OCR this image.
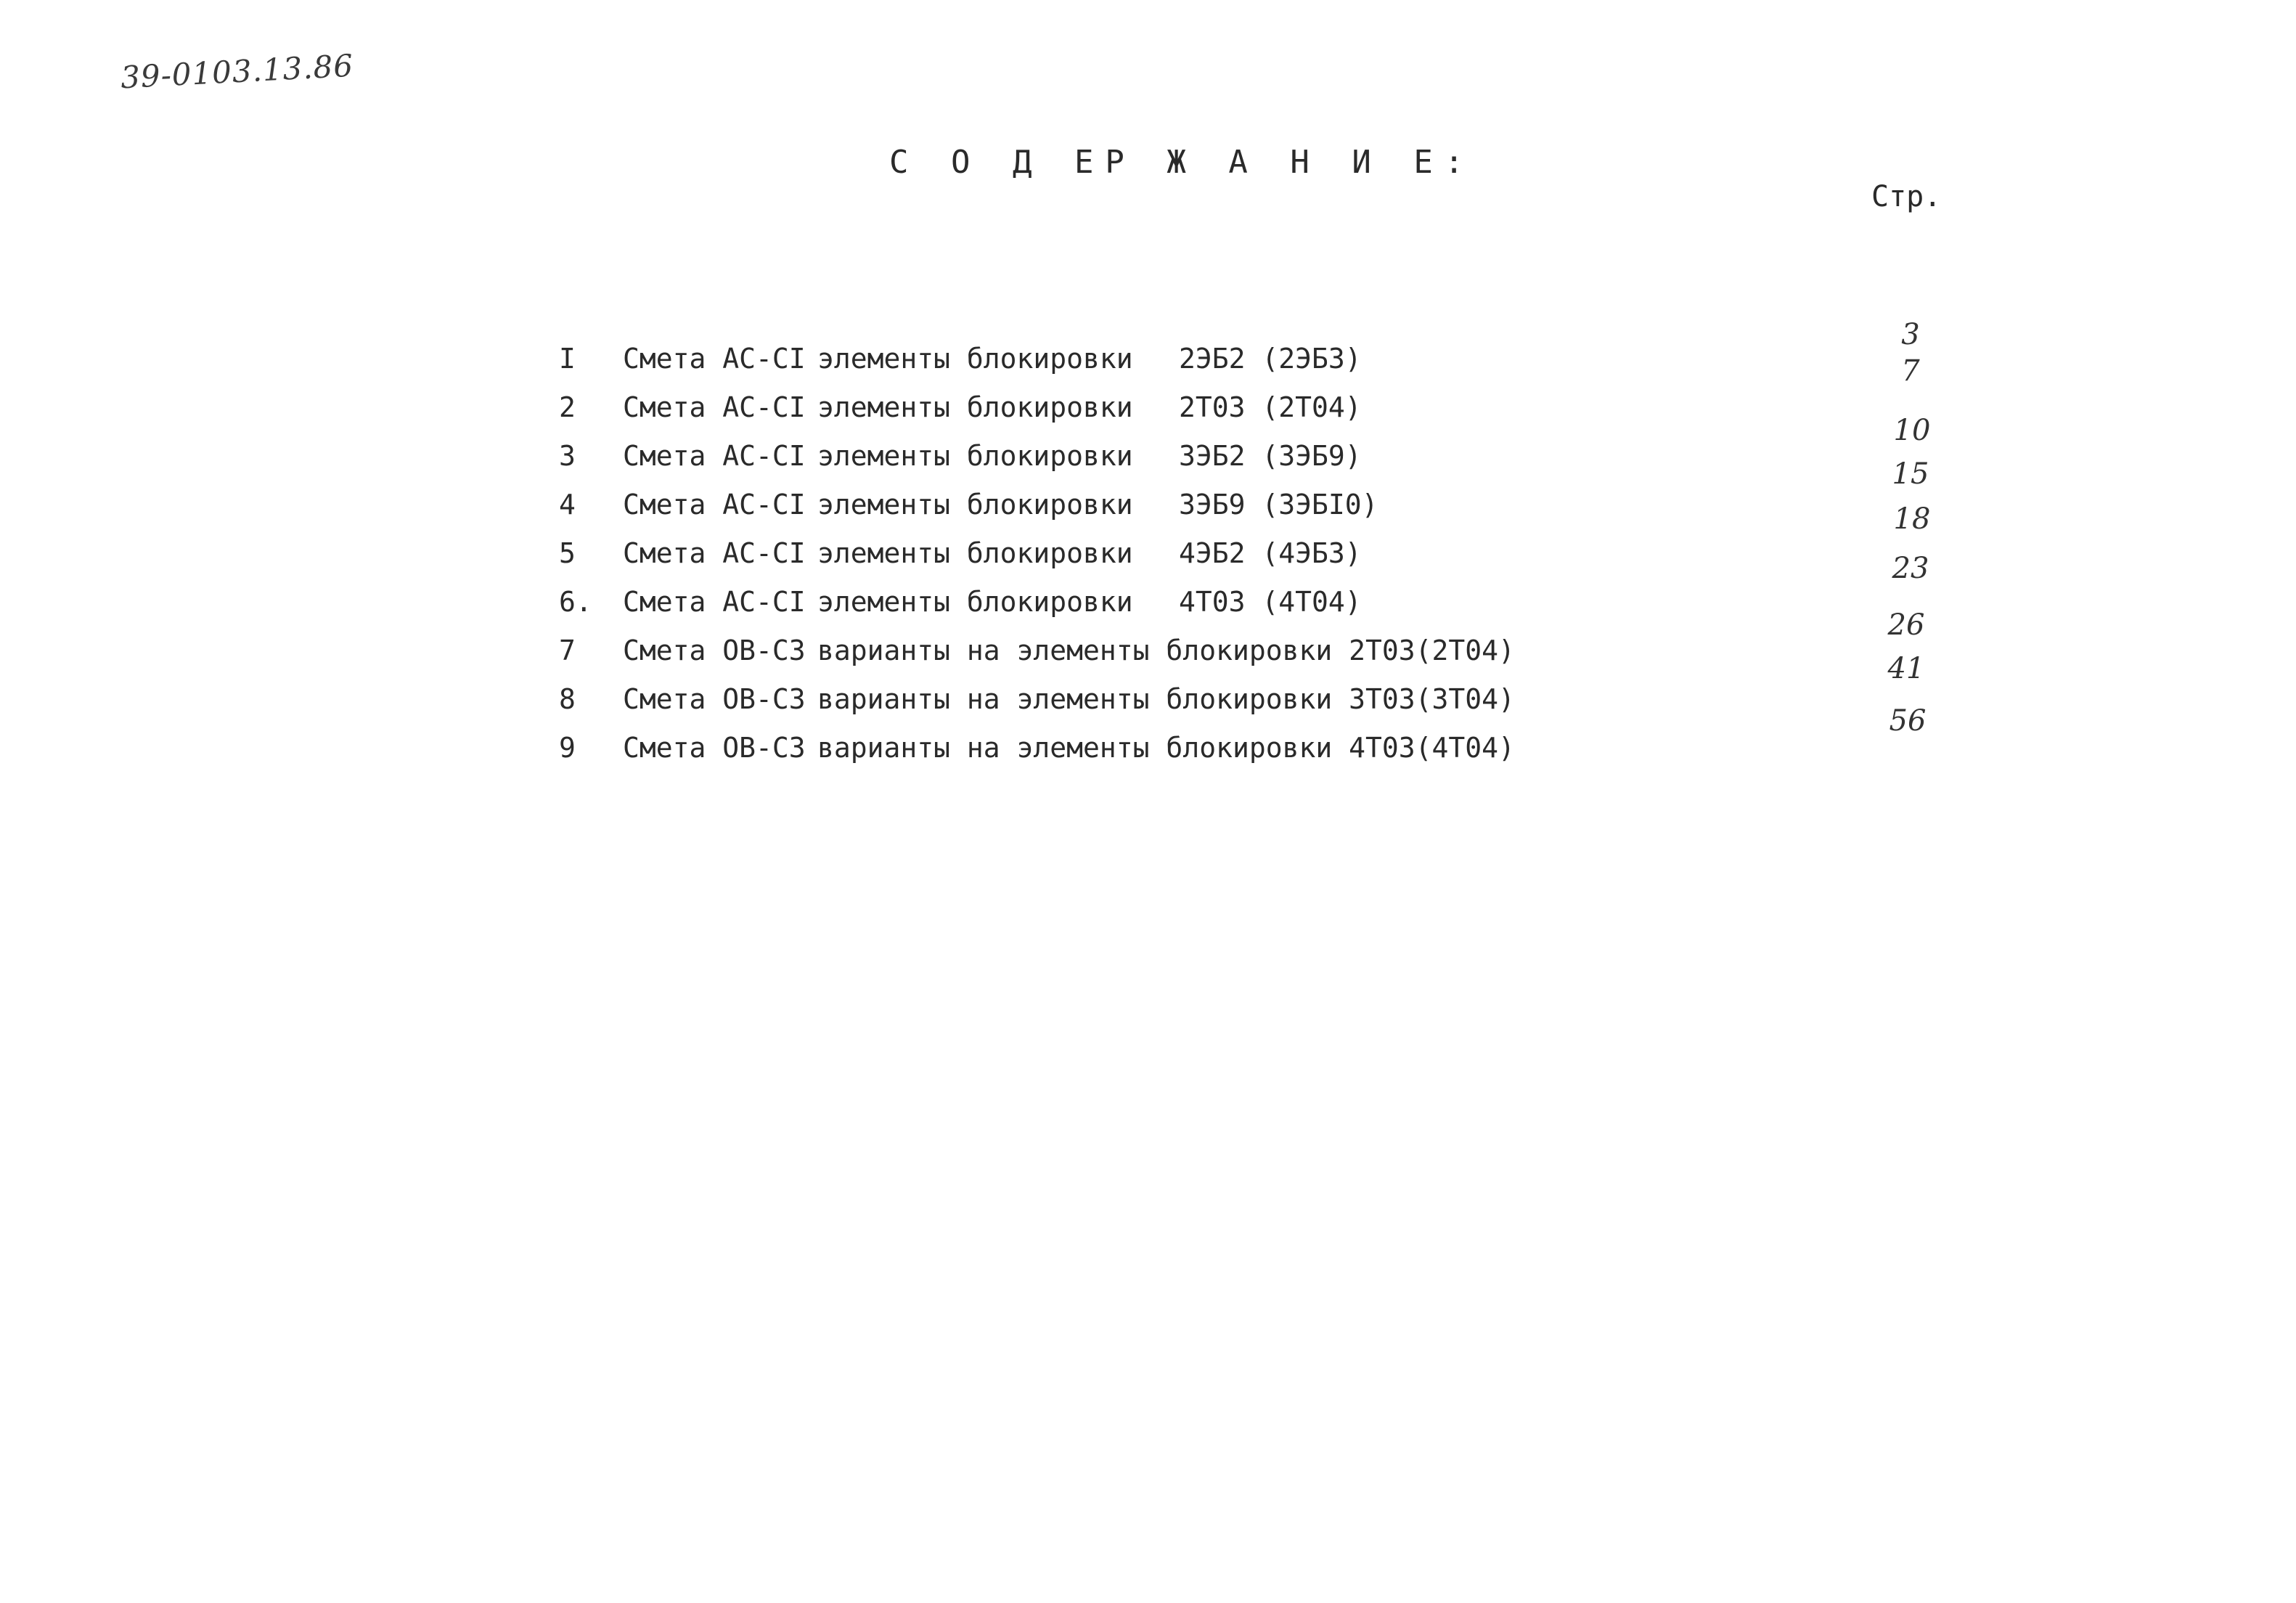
39-0103.13.86
С О Д ЕР Ж А Н И Е:
Стр.
I Смета АС-СI элементы блокировки 2ЭБ2 (2ЭБ3)
2 Смета АС-СI элементы блокировки 2Т03 (2Т04)
3 Смета АС-СI элементы блокировки 3ЭБ2 (3ЭБ9)
4 Смета АС-СI элементы блокировки 3ЭБ9 (3ЭБI0)
5 Смета АС-СI элементы блокировки 4ЭБ2 (4ЭБ3)
6. Смета АС-СI элементы блокировки 4Т03 (4Т04)
7 Смета ОВ-С3 варианты на элементы блокировки 2Т03(2Т04)
8 Смета ОВ-С3 варианты на элементы блокировки 3Т03(3Т04)
9 Смета ОВ-С3 варианты на элементы блокировки 4Т03(4Т04)
3
7
10
15
18
23
26
41
56
